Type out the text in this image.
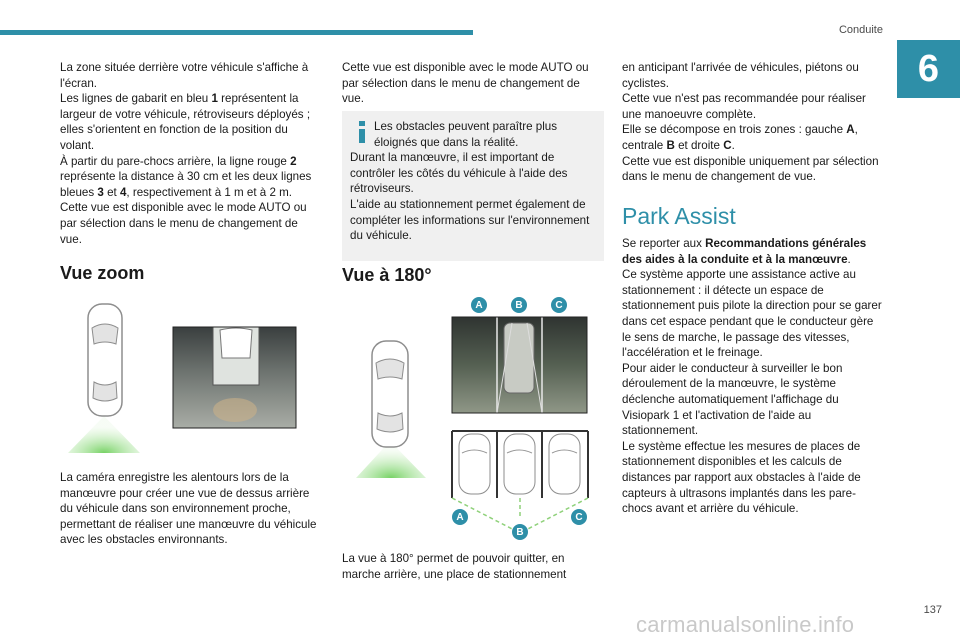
Conduite
6

La zone située derrière votre véhicule s'affiche à l'écran.

Les lignes de gabarit en bleu 1 représentent la largeur de votre véhicule, rétroviseurs déployés ; elles s'orientent en fonction de la position du volant.

À partir du pare-chocs arrière, la ligne rouge 2 représente la distance à 30 cm et les deux lignes bleues 3 et 4, respectivement à 1 m et à 2 m.

Cette vue est disponible avec le mode AUTO ou par sélection dans le menu de changement de vue.

Vue zoom
La caméra enregistre les alentours lors de la manœuvre pour créer une vue de dessus arrière du véhicule dans son environnement proche, permettant de réaliser une manœuvre du véhicule avec les obstacles environnants.
Cette vue est disponible avec le mode AUTO ou par sélection dans le menu de changement de vue.

Les obstacles peuvent paraître plus éloignés que dans la réalité.

Durant la manœuvre, il est important de contrôler les côtés du véhicule à l'aide des rétroviseurs.

L'aide au stationnement permet également de compléter les informations sur l'environnement du véhicule.

Vue à 180°
A	B	C
A
B
C
La vue à 180° permet de pouvoir quitter, en marche arrière, une place de stationnement

en anticipant l'arrivée de véhicules, piétons ou cyclistes.

Cette vue n'est pas recommandée pour réaliser une manoeuvre complète.

Elle se décompose en trois zones : gauche A, centrale B et droite C.

Cette vue est disponible uniquement par sélection dans le menu de changement de vue.

Park Assist

Se reporter aux Recommandations générales des aides à la conduite et à la manœuvre.

Ce système apporte une assistance active au stationnement : il détecte un espace de stationnement puis pilote la direction pour se garer dans cet espace pendant que le conducteur gère le sens de marche, le passage des vitesses, l'accélération et le freinage.

Pour aider le conducteur à surveiller le bon déroulement de la manœuvre, le système déclenche automatiquement l'affichage du Visiopark 1 et l'activation de l'aide au stationnement.

Le système effectue les mesures de places de stationnement disponibles et les calculs de distances par rapport aux obstacles à l'aide de capteurs à ultrasons implantés dans les pare-chocs avant et arrière du véhicule.

137
carmanualsonline.info
